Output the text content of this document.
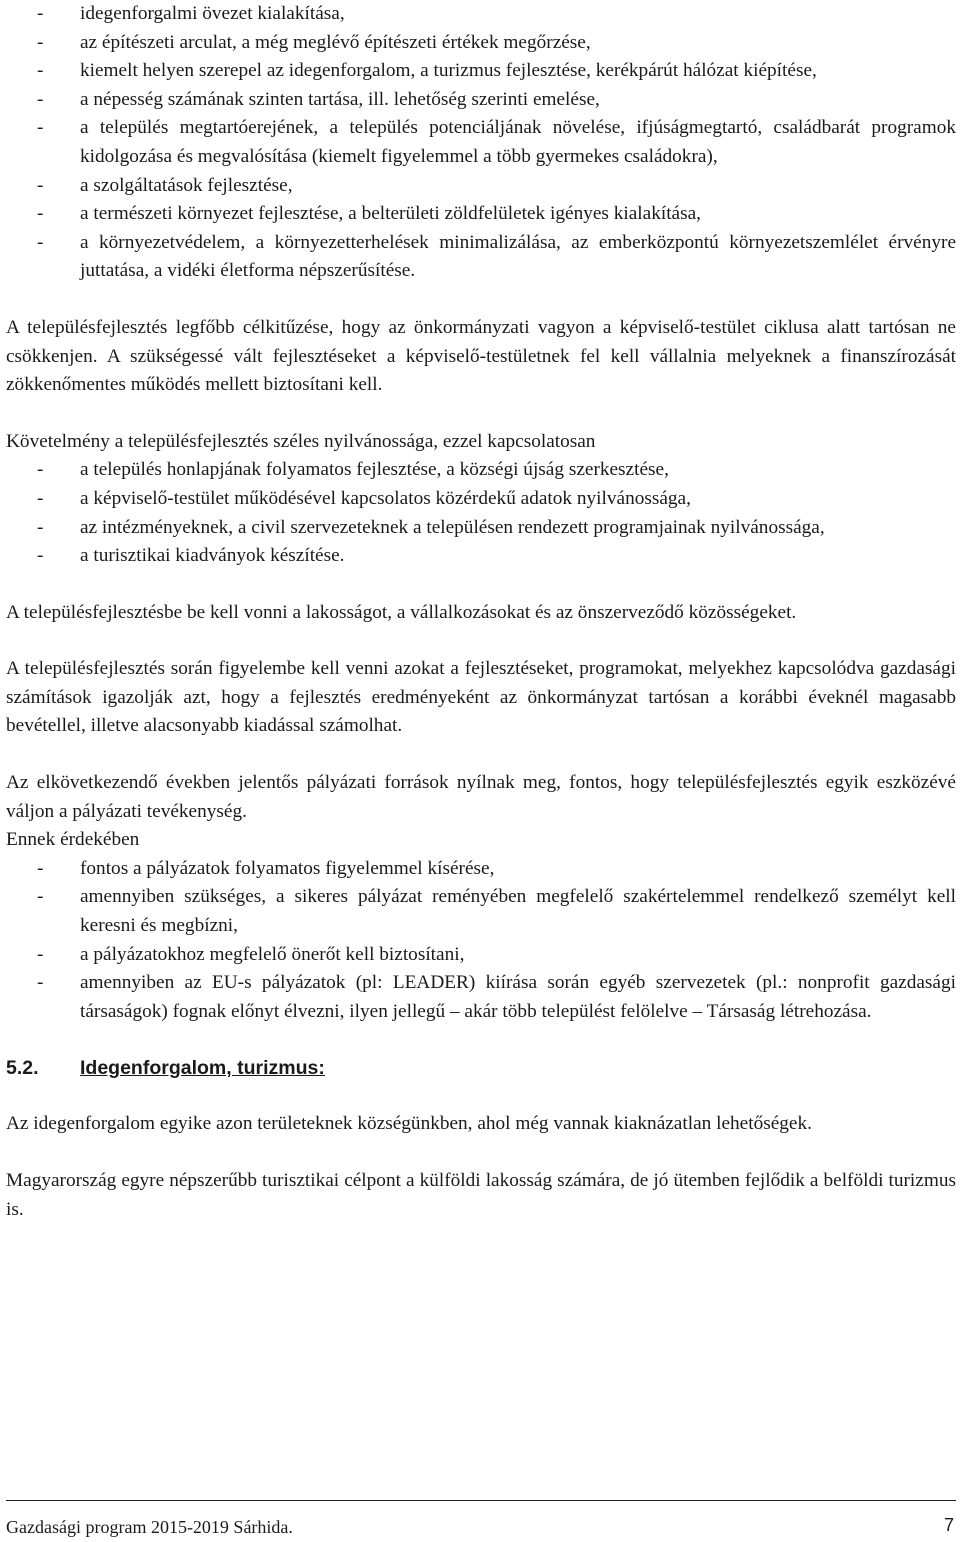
- idegenforgalmi övezet kialakítása,
- az építészeti arculat, a még meglévő építészeti értékek megőrzése,
- kiemelt helyen szerepel az idegenforgalom, a turizmus fejlesztése, kerékpárút hálózat kiépítése,
- a népesség számának szinten tartása, ill. lehetőség szerinti emelése,
- a település megtartóerejének, a település potenciáljának növelése, ifjúságmegtartó, családbarát programok kidolgozása és megvalósítása (kiemelt figyelemmel a több gyermekes családokra),
- a szolgáltatások fejlesztése,
- a természeti környezet fejlesztése, a belterületi zöldfelületek igényes kialakítása,
- a környezetvédelem, a környezetterhelések minimalizálása, az emberközpontú környezetszemlélet érvényre juttatása, a vidéki életforma népszerűsítése.

A településfejlesztés legfőbb célkitűzése, hogy az önkormányzati vagyon a képviselő-testület ciklusa alatt tartósan ne csökkenjen. A szükségessé vált fejlesztéseket a képviselő-testületnek fel kell vállalnia melyeknek a finanszírozását zökkenőmentes működés mellett biztosítani kell.

Követelmény a településfejlesztés széles nyilvánossága, ezzel kapcsolatosan

- a település honlapjának folyamatos fejlesztése, a községi újság szerkesztése,
- a képviselő-testület működésével kapcsolatos közérdekű adatok nyilvánossága,
- az intézményeknek, a civil szervezeteknek a településen rendezett programjainak nyilvánossága,
- a turisztikai kiadványok készítése.

A településfejlesztésbe be kell vonni a lakosságot, a vállalkozásokat és az önszerveződő közösségeket.

A településfejlesztés során figyelembe kell venni azokat a fejlesztéseket, programokat, melyekhez kapcsolódva gazdasági számítások igazolják azt, hogy a fejlesztés eredményeként az önkormányzat tartósan a korábbi éveknél magasabb bevétellel, illetve alacsonyabb kiadással számolhat.

Az elkövetkezendő években jelentős pályázati források nyílnak meg, fontos, hogy településfejlesztés egyik eszközévé váljon a pályázati tevékenység.

Ennek érdekében

- fontos a pályázatok folyamatos figyelemmel kísérése,
- amennyiben szükséges, a sikeres pályázat reményében megfelelő szakértelemmel rendelkező személyt kell keresni és megbízni,
- a pályázatokhoz megfelelő önerőt kell biztosítani,
- amennyiben az EU-s pályázatok (pl: LEADER) kiírása során egyéb szervezetek (pl.: nonprofit gazdasági társaságok) fognak előnyt élvezni, ilyen jellegű – akár több települést felölelve – Társaság létrehozása.
5.2. Idegenforgalom, turizmus:

Az idegenforgalom egyike azon területeknek községünkben, ahol még vannak kiaknázatlan lehetőségek.

Magyarország egyre népszerűbb turisztikai célpont a külföldi lakosság számára, de jó ütemben fejlődik a belföldi turizmus is.

Gazdasági program 2015-2019 Sárhida.	7
